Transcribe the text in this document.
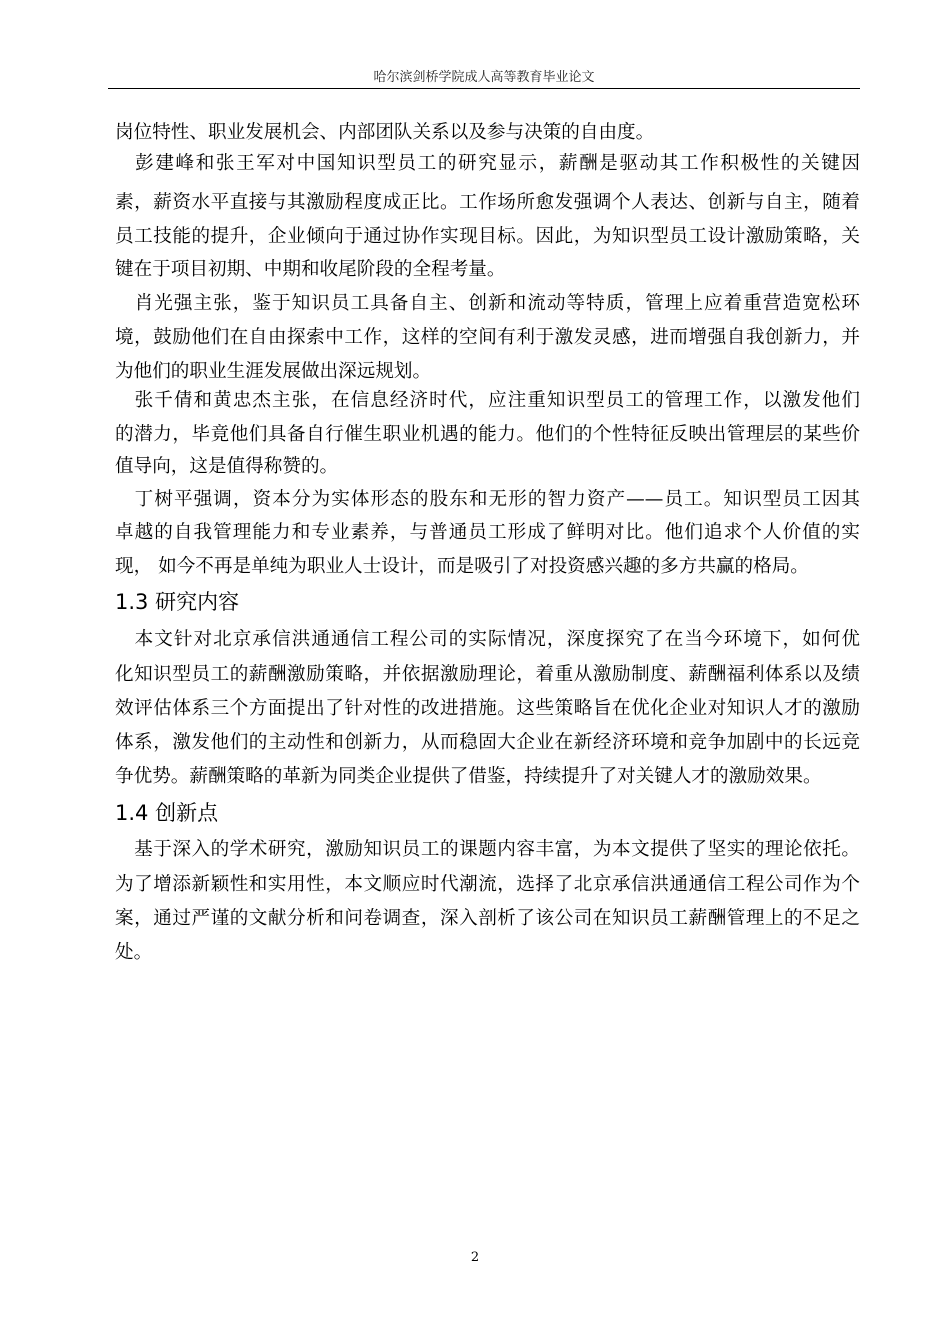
哈尔滨剑桥学院成人高等教育毕业论文
岗位特性、职业发展机会、内部团队关系以及参与决策的自由度。
　彭建峰和张王军对中国知识型员工的研究显示，薪酬是驱动其工作积极性的关键因
素，薪资水平直接与其激励程度成正比。工作场所愈发强调个人表达、创新与自主，随着
员工技能的提升，企业倾向于通过协作实现目标。因此，为知识型员工设计激励策略，关
键在于项目初期、中期和收尾阶段的全程考量。
　肖光强主张，鉴于知识员工具备自主、创新和流动等特质，管理上应着重营造宽松环
境，鼓励他们在自由探索中工作，这样的空间有利于激发灵感，进而增强自我创新力，并
为他们的职业生涯发展做出深远规划。
　张千倩和黄忠杰主张，在信息经济时代，应注重知识型员工的管理工作，以激发他们
的潜力，毕竟他们具备自行催生职业机遇的能力。他们的个性特征反映出管理层的某些价
值导向，这是值得称赞的。
　丁树平强调，资本分为实体形态的股东和无形的智力资产——员工。知识型员工因其
卓越的自我管理能力和专业素养，与普通员工形成了鲜明对比。他们追求个人价值的实
现， 如今不再是单纯为职业人士设计，而是吸引了对投资感兴趣的多方共赢的格局。
1.3 研究内容
　本文针对北京承信洪通通信工程公司的实际情况，深度探究了在当今环境下，如何优
化知识型员工的薪酬激励策略，并依据激励理论，着重从激励制度、薪酬福利体系以及绩
效评估体系三个方面提出了针对性的改进措施。这些策略旨在优化企业对知识人才的激励
体系，激发他们的主动性和创新力，从而稳固大企业在新经济环境和竞争加剧中的长远竞
争优势。薪酬策略的革新为同类企业提供了借鉴，持续提升了对关键人才的激励效果。
1.4 创新点
　基于深入的学术研究，激励知识员工的课题内容丰富，为本文提供了坚实的理论依托。
为了增添新颖性和实用性，本文顺应时代潮流，选择了北京承信洪通通信工程公司作为个
案，通过严谨的文献分析和问卷调查，深入剖析了该公司在知识员工薪酬管理上的不足之
处。
2
